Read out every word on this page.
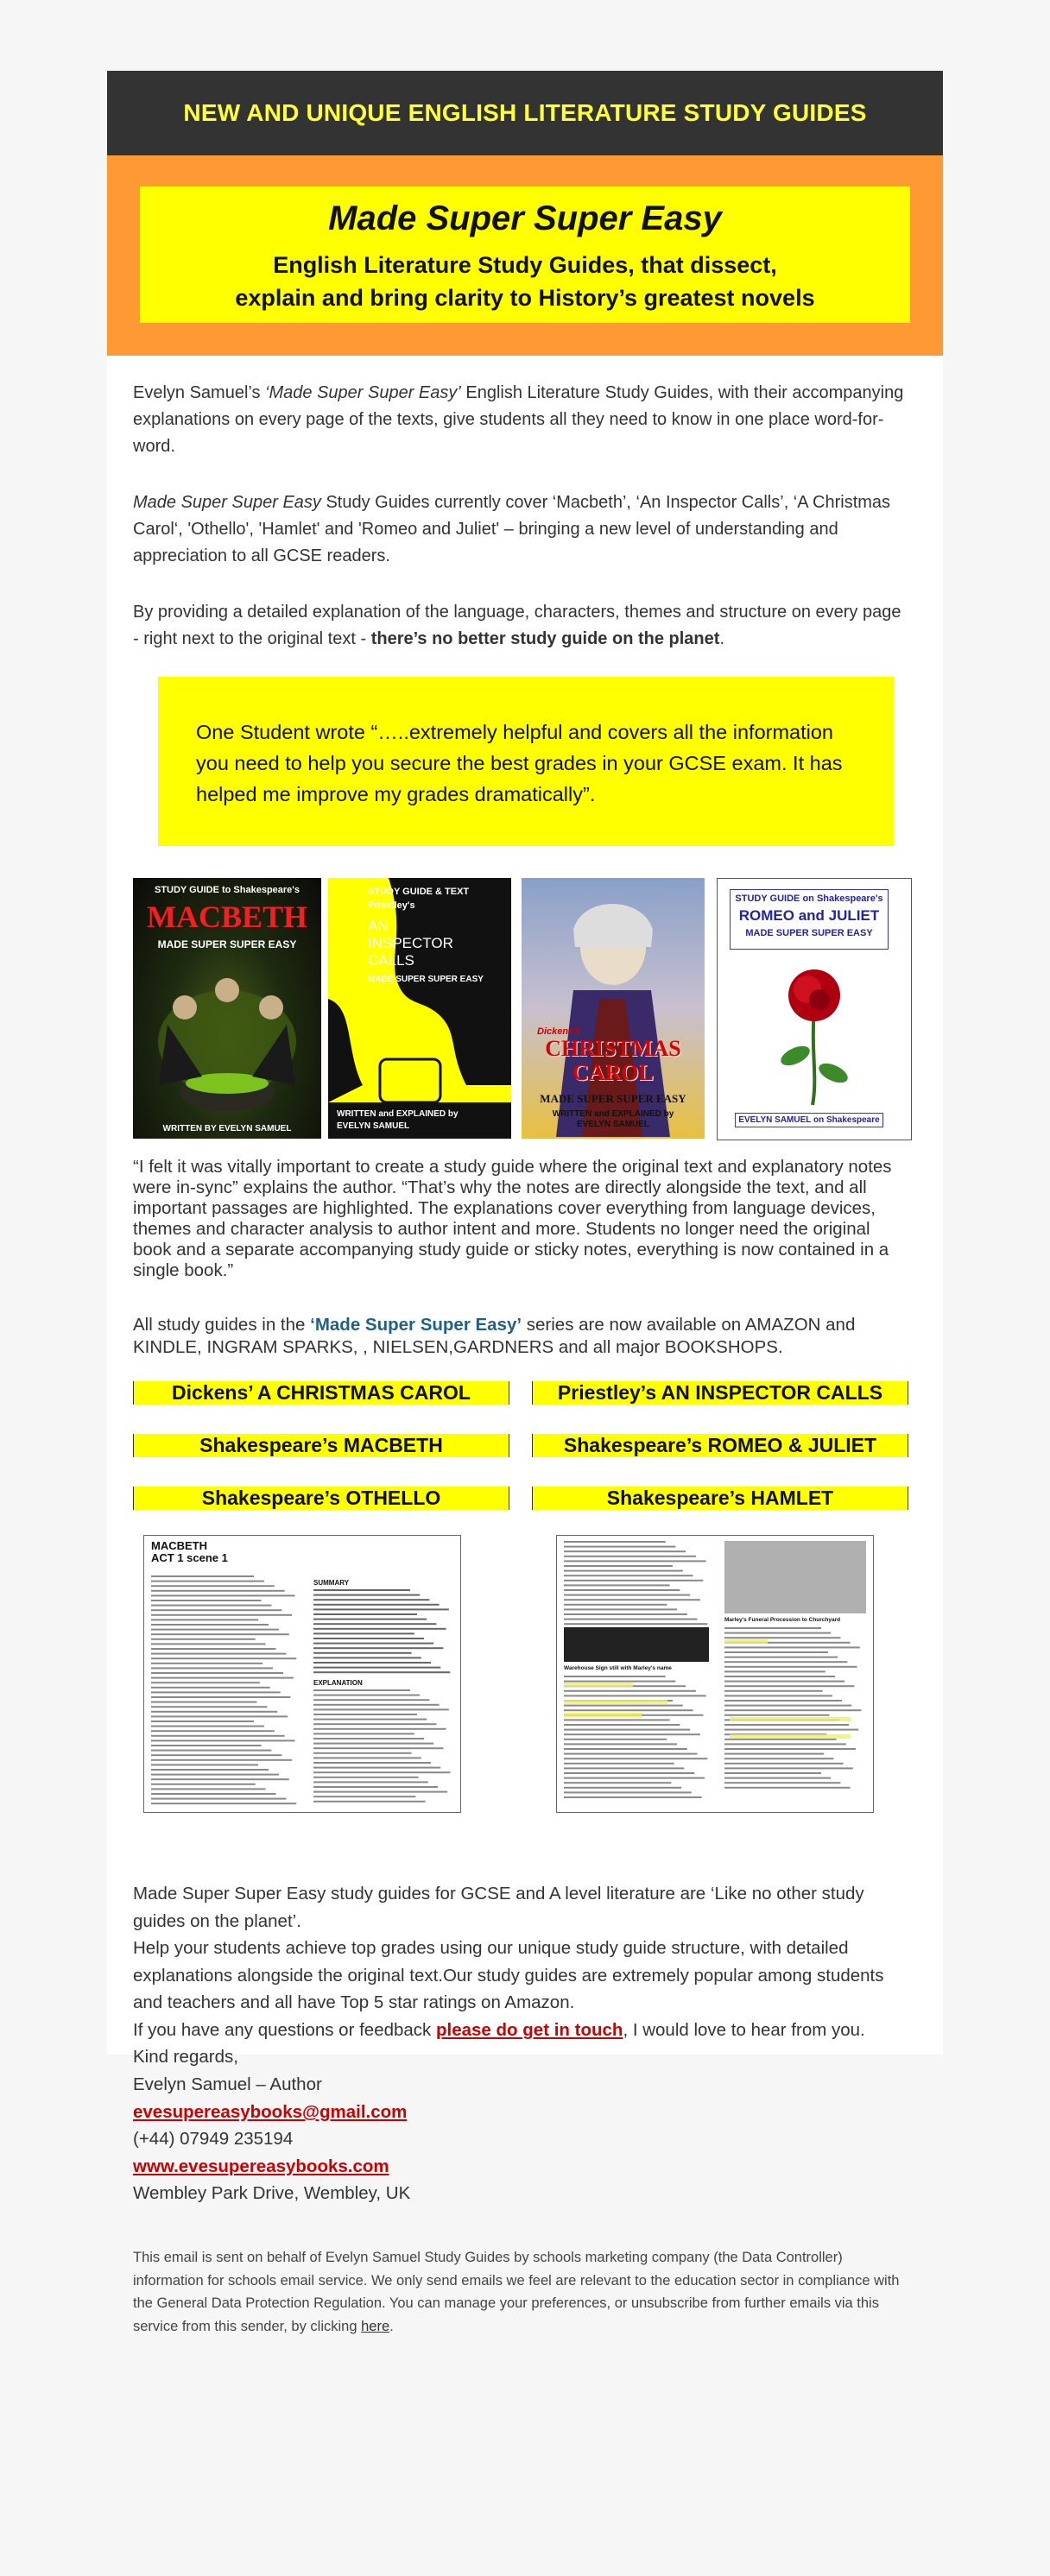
NEW AND UNIQUE ENGLISH LITERATURE STUDY GUIDES
Made Super Super Easy
English Literature Study Guides, that dissect,
explain and bring clarity to History’s greatest novels

Evelyn Samuel’s ‘Made Super Super Easy’ English Literature Study Guides, with their accompanying explanations on every page of the texts, give students all they need to know in one place word-for-word.

Made Super Super Easy Study Guides currently cover ‘Macbeth’, ‘An Inspector Calls’, ‘A Christmas Carol‘, 'Othello', 'Hamlet' and 'Romeo and Juliet' – bringing a new level of understanding and appreciation to all GCSE readers.

By providing a detailed explanation of the language, characters, themes and structure on every page - right next to the original text - there’s no better study guide on the planet.

One Student wrote “…..extremely helpful and covers all the information you need to help you secure the best grades in your GCSE exam. It has helped me improve my grades dramatically”.

STUDY GUIDE to Shakespeare's
MACBETH
MADE SUPER SUPER EASY
WRITTEN BY EVELYN SAMUEL
STUDY GUIDE & TEXT
Priestley's
AN
INSPECTOR
CALLS
MADE SUPER SUPER EASY
WRITTEN and EXPLAINED by
EVELYN SAMUEL
Dickens's
CHRISTMAS CAROL
MADE SUPER SUPER EASY
WRITTEN and EXPLAINED by
EVELYN SAMUEL
STUDY GUIDE on Shakespeare's
ROMEO and JULIET
MADE SUPER SUPER EASY
EVELYN SAMUEL on Shakespeare

“I felt it was vitally important to create a study guide where the original text and explanatory notes were in-sync” explains the author. “That’s why the notes are directly alongside the text, and all important passages are highlighted. The explanations cover everything from language devices, themes and character analysis to author intent and more. Students no longer need the original book and a separate accompanying study guide or sticky notes, everything is now contained in a single book.”

All study guides in the ‘Made Super Super Easy’ series are now available on AMAZON and KINDLE, INGRAM SPARKS, , NIELSEN,GARDNERS and all major BOOKSHOPS.

Dickens’ A CHRISTMAS CAROL	Priestley’s AN INSPECTOR CALLS
Shakespeare’s MACBETH	Shakespeare’s ROMEO & JULIET
Shakespeare’s OTHELLO	Shakespeare’s HAMLET
MACBETH
ACT 1 scene 1
SUMMARY
EXPLANATION
Warehouse Sign still with Marley's name
Marley's Funeral Procession to Churchyard
Made Super Super Easy study guides for GCSE and A level literature are ‘Like no other study guides on the planet’.
Help your students achieve top grades using our unique study guide structure, with detailed explanations alongside the original text.Our study guides are extremely popular among students and teachers and all have Top 5 star ratings on Amazon.
If you have any questions or feedback please do get in touch, I would love to hear from you.
Kind regards,
Evelyn Samuel – Author
evesupereasybooks@gmail.com
(+44) 07949 235194
www.evesupereasybooks.com
Wembley Park Drive, Wembley, UK

This email is sent on behalf of Evelyn Samuel Study Guides by schools marketing company (the Data Controller) information for schools email service. We only send emails we feel are relevant to the education sector in compliance with the General Data Protection Regulation. You can manage your preferences, or unsubscribe from further emails via this service from this sender, by clicking here.
